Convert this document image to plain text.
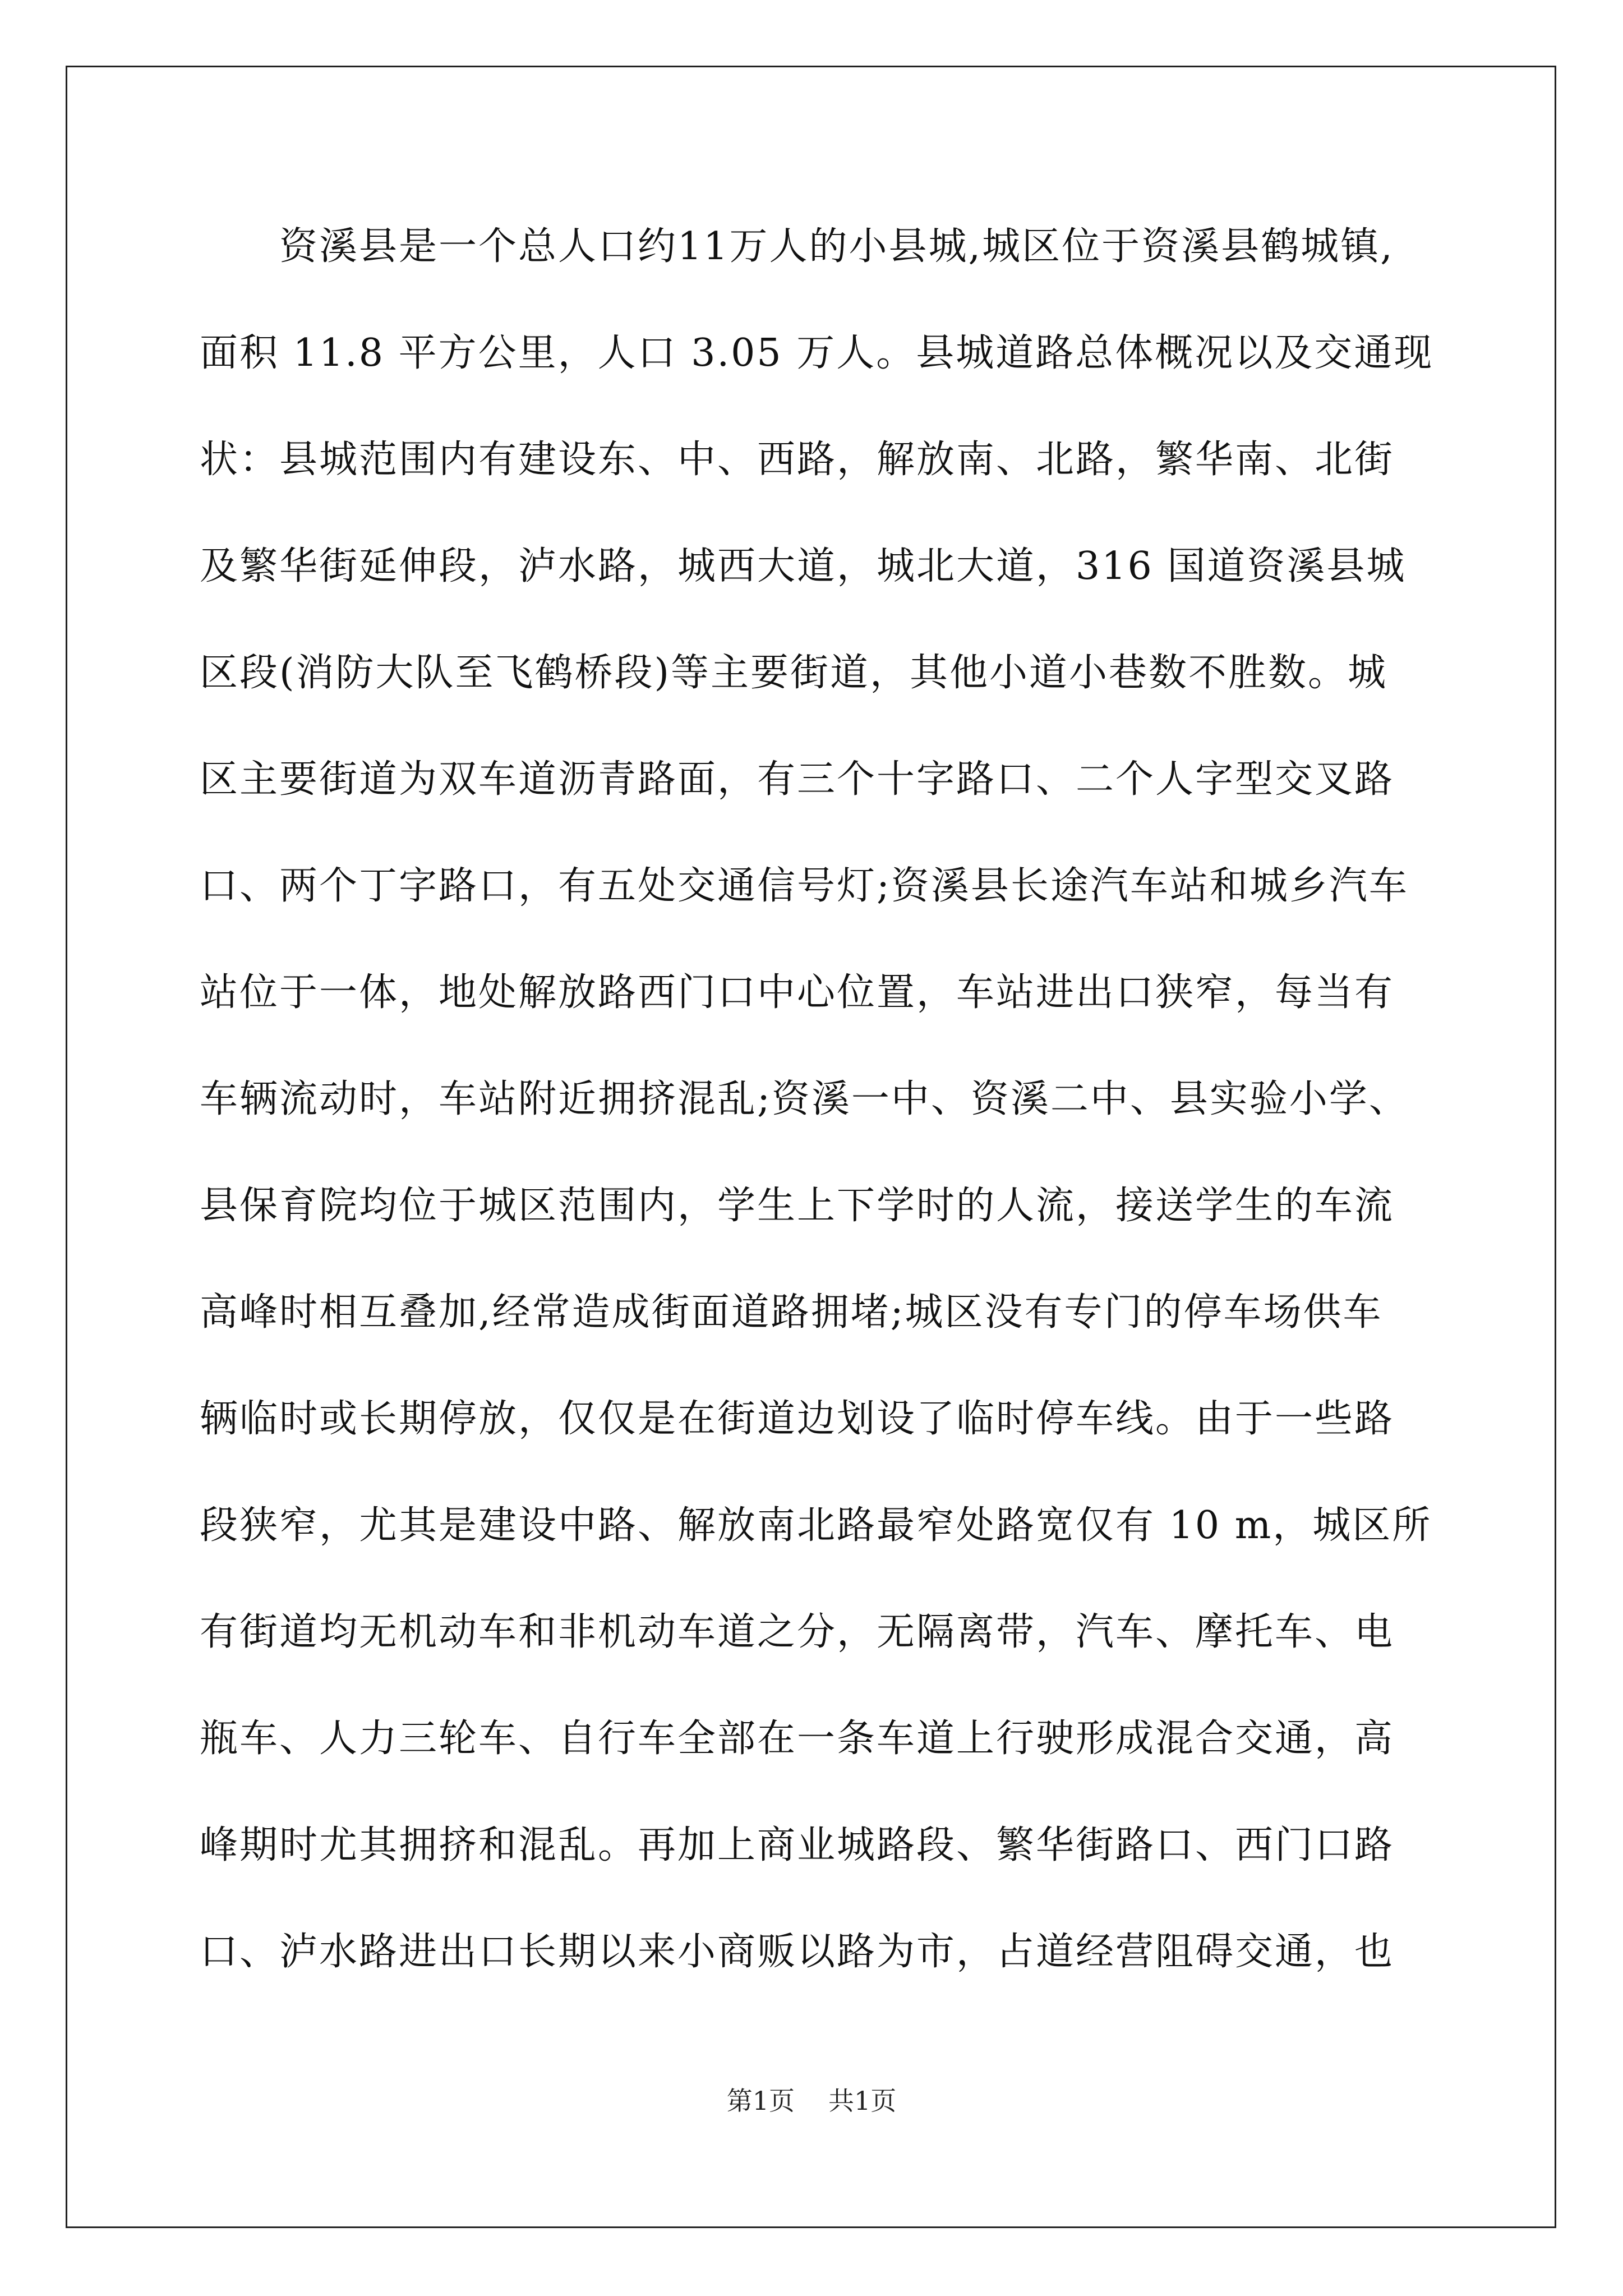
　　资溪县是一个总人口约11万人的小县城,城区位于资溪县鹤城镇,
面积 11.8 平方公里，人口 3.05 万人。县城道路总体概况以及交通现
状：县城范围内有建设东、中、西路，解放南、北路，繁华南、北街
及繁华街延伸段，泸水路，城西大道，城北大道，316 国道资溪县城
区段(消防大队至飞鹤桥段)等主要街道，其他小道小巷数不胜数。城
区主要街道为双车道沥青路面，有三个十字路口、二个人字型交叉路
口、两个丁字路口，有五处交通信号灯;资溪县长途汽车站和城乡汽车
站位于一体，地处解放路西门口中心位置，车站进出口狭窄，每当有
车辆流动时，车站附近拥挤混乱;资溪一中、资溪二中、县实验小学、
县保育院均位于城区范围内，学生上下学时的人流，接送学生的车流
高峰时相互叠加,经常造成街面道路拥堵;城区没有专门的停车场供车
辆临时或长期停放，仅仅是在街道边划设了临时停车线。由于一些路
段狭窄，尤其是建设中路、解放南北路最窄处路宽仅有 10 m，城区所
有街道均无机动车和非机动车道之分，无隔离带，汽车、摩托车、电
瓶车、人力三轮车、自行车全部在一条车道上行驶形成混合交通，高
峰期时尤其拥挤和混乱。再加上商业城路段、繁华街路口、西门口路
口、泸水路进出口长期以来小商贩以路为市，占道经营阻碍交通，也
第1页 共1页
